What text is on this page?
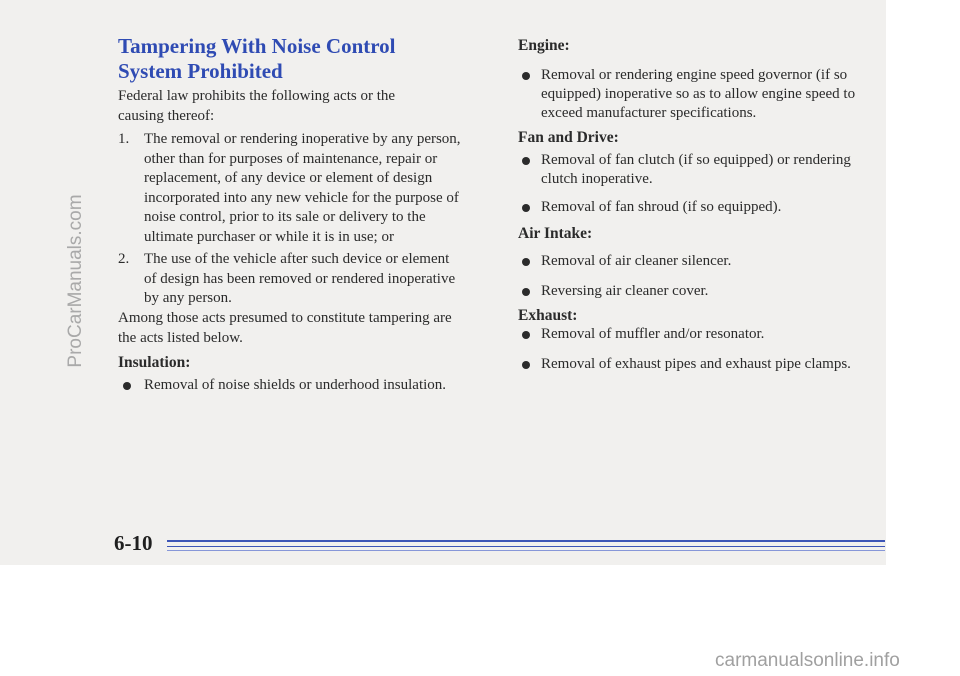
Tampering With Noise Control
System Prohibited
Federal law prohibits the following acts or the
causing thereof:
1. The removal or rendering inoperative by any person,
other than for purposes of maintenance, repair or
replacement, of any device or element of design
incorporated into any new vehicle for the purpose of
noise control, prior to its sale or delivery to the
ultimate purchaser or while it is in use; or
2. The use of the vehicle after such device or element
of design has been removed or rendered inoperative
by any person.
Among those acts presumed to constitute tampering are
the acts listed below.
Insulation:
Removal of noise shields or underhood insulation.
Engine:
Removal or rendering engine speed governor (if so
equipped) inoperative so as to allow engine speed to
exceed manufacturer specifications.
Fan and Drive:
Removal of fan clutch (if so equipped) or rendering
clutch inoperative.
Removal of fan shroud (if so equipped).
Air Intake:
Removal of air cleaner silencer.
Reversing air cleaner cover.
Exhaust:
Removal of muffler and/or resonator.
Removal of exhaust pipes and exhaust pipe clamps.
6-10
ProCarManuals.com
carmanualsonline.info
